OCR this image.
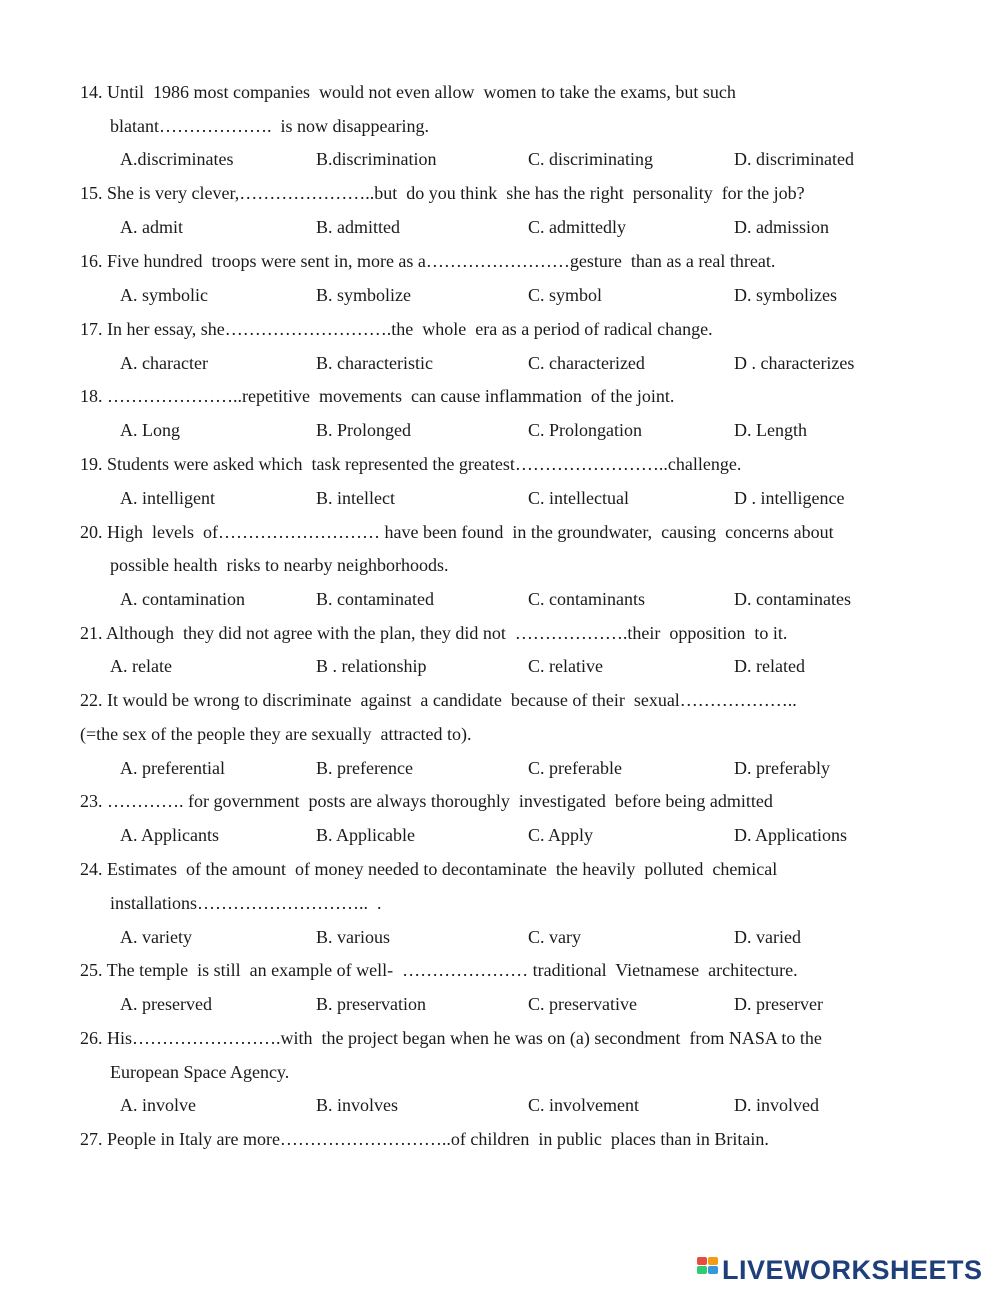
14. Until  1986 most companies  would not even allow  women to take the exams, but such
blatant……………….  is now disappearing.
A.discriminates	B.discrimination	C. discriminating	D. discriminated
15. She is very clever,…………………..but  do you think  she has the right  personality  for the job?
A. admit	B. admitted	C. admittedly	D. admission
16. Five hundred  troops were sent in, more as a……………………gesture  than as a real threat.
A. symbolic	B. symbolize	C. symbol	D. symbolizes
17. In her essay, she……………………….the  whole  era as a period of radical change.
A. character	B. characteristic	C. characterized	D . characterizes
18. …………………..repetitive  movements  can cause inflammation  of the joint.
A. Long	B. Prolonged	C. Prolongation	D. Length
19. Students were asked which  task represented the greatest……………………..challenge.
A. intelligent	B. intellect	C. intellectual	D . intelligence
20. High  levels  of……………………… have been found  in the groundwater,  causing  concerns about
possible health  risks to nearby neighborhoods.
A. contamination	B. contaminated	C. contaminants	D. contaminates
21. Although  they did not agree with the plan, they did not  ……………….their  opposition  to it.
A. relate	B . relationship	C. relative	D. related
22. It would be wrong to discriminate  against  a candidate  because of their  sexual………………..
(=the sex of the people they are sexually  attracted to).
A. preferential	B. preference	C. preferable	D. preferably
23. …………. for government  posts are always thoroughly  investigated  before being admitted
A. Applicants	B. Applicable	C. Apply	D. Applications
24. Estimates  of the amount  of money needed to decontaminate  the heavily  polluted  chemical
installations………………………..  .
A. variety	B. various	C. vary	D. varied
25. The temple  is still  an example of well-  ………………… traditional  Vietnamese  architecture.
A. preserved	B. preservation	C. preservative	D. preserver
26. His…………………….with  the project began when he was on (a) secondment  from NASA to the
European Space Agency.
A. involve	B. involves	C. involvement	D. involved
27. People in Italy are more………………………..of children  in public  places than in Britain.
LIVEWORKSHEETS
